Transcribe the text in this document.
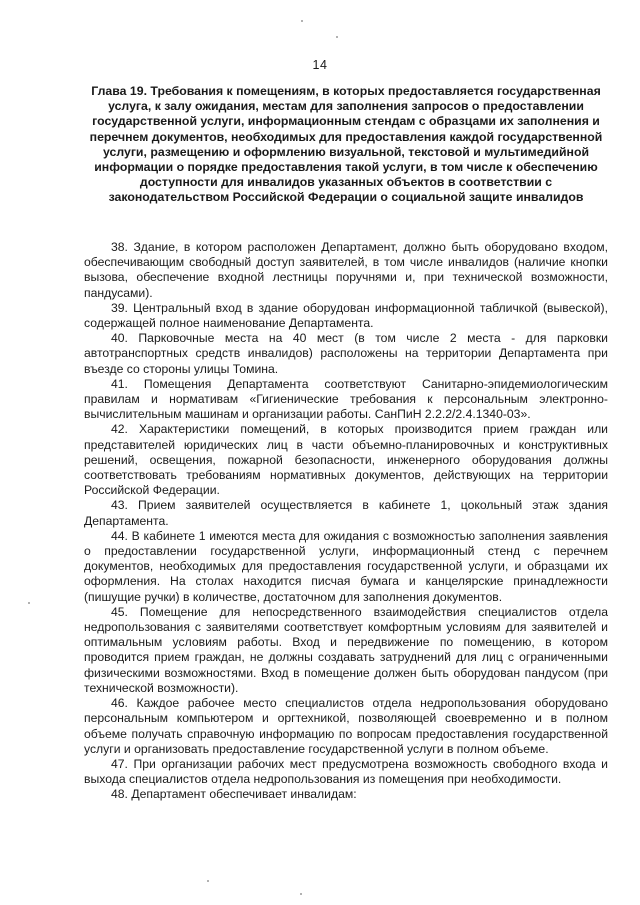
14
Глава 19. Требования к помещениям, в которых предоставляется государственная услуга, к залу ожидания, местам для заполнения запросов о предоставлении государственной услуги, информационным стендам с образцами их заполнения и перечнем документов, необходимых для предоставления каждой государственной услуги, размещению и оформлению визуальной, текстовой и мультимедийной информации о порядке предоставления такой услуги, в том числе к обеспечению доступности для инвалидов указанных объектов в соответствии с законодательством Российской Федерации о социальной защите инвалидов

38. Здание, в котором расположен Департамент, должно быть оборудовано входом, обеспечивающим свободный доступ заявителей, в том числе инвалидов (наличие кнопки вызова, обеспечение входной лестницы поручнями и, при технической возможности, пандусами).

39. Центральный вход в здание оборудован информационной табличкой (вывеской), содержащей полное наименование Департамента.

40. Парковочные места на 40 мест (в том числе 2 места - для парковки автотранспортных средств инвалидов) расположены на территории Департамента при въезде со стороны улицы Томина.

41. Помещения Департамента соответствуют Санитарно-эпидемиологическим правилам и нормативам «Гигиенические требования к персональным электронно-вычислительным машинам и организации работы. СанПиН 2.2.2/2.4.1340-03».

42. Характеристики помещений, в которых производится прием граждан или представителей юридических лиц в части объемно-планировочных и конструктивных решений, освещения, пожарной безопасности, инженерного оборудования должны соответствовать требованиям нормативных документов, действующих на территории Российской Федерации.

43. Прием заявителей осуществляется в кабинете 1, цокольный этаж здания Департамента.

44. В кабинете 1 имеются места для ожидания с возможностью заполнения заявления о предоставлении государственной услуги, информационный стенд с перечнем документов, необходимых для предоставления государственной услуги, и образцами их оформления. На столах находится писчая бумага и канцелярские принадлежности (пишущие ручки) в количестве, достаточном для заполнения документов.

45. Помещение для непосредственного взаимодействия специалистов отдела недропользования с заявителями соответствует комфортным условиям для заявителей и оптимальным условиям работы. Вход и передвижение по помещению, в котором проводится прием граждан, не должны создавать затруднений для лиц с ограниченными физическими возможностями. Вход в помещение должен быть оборудован пандусом (при технической возможности).

46. Каждое рабочее место специалистов отдела недропользования оборудовано персональным компьютером и оргтехникой, позволяющей своевременно и в полном объеме получать справочную информацию по вопросам предоставления государственной услуги и организовать предоставление государственной услуги в полном объеме.

47. При организации рабочих мест предусмотрена возможность свободного входа и выхода специалистов отдела недропользования из помещения при необходимости.

48. Департамент обеспечивает инвалидам:
